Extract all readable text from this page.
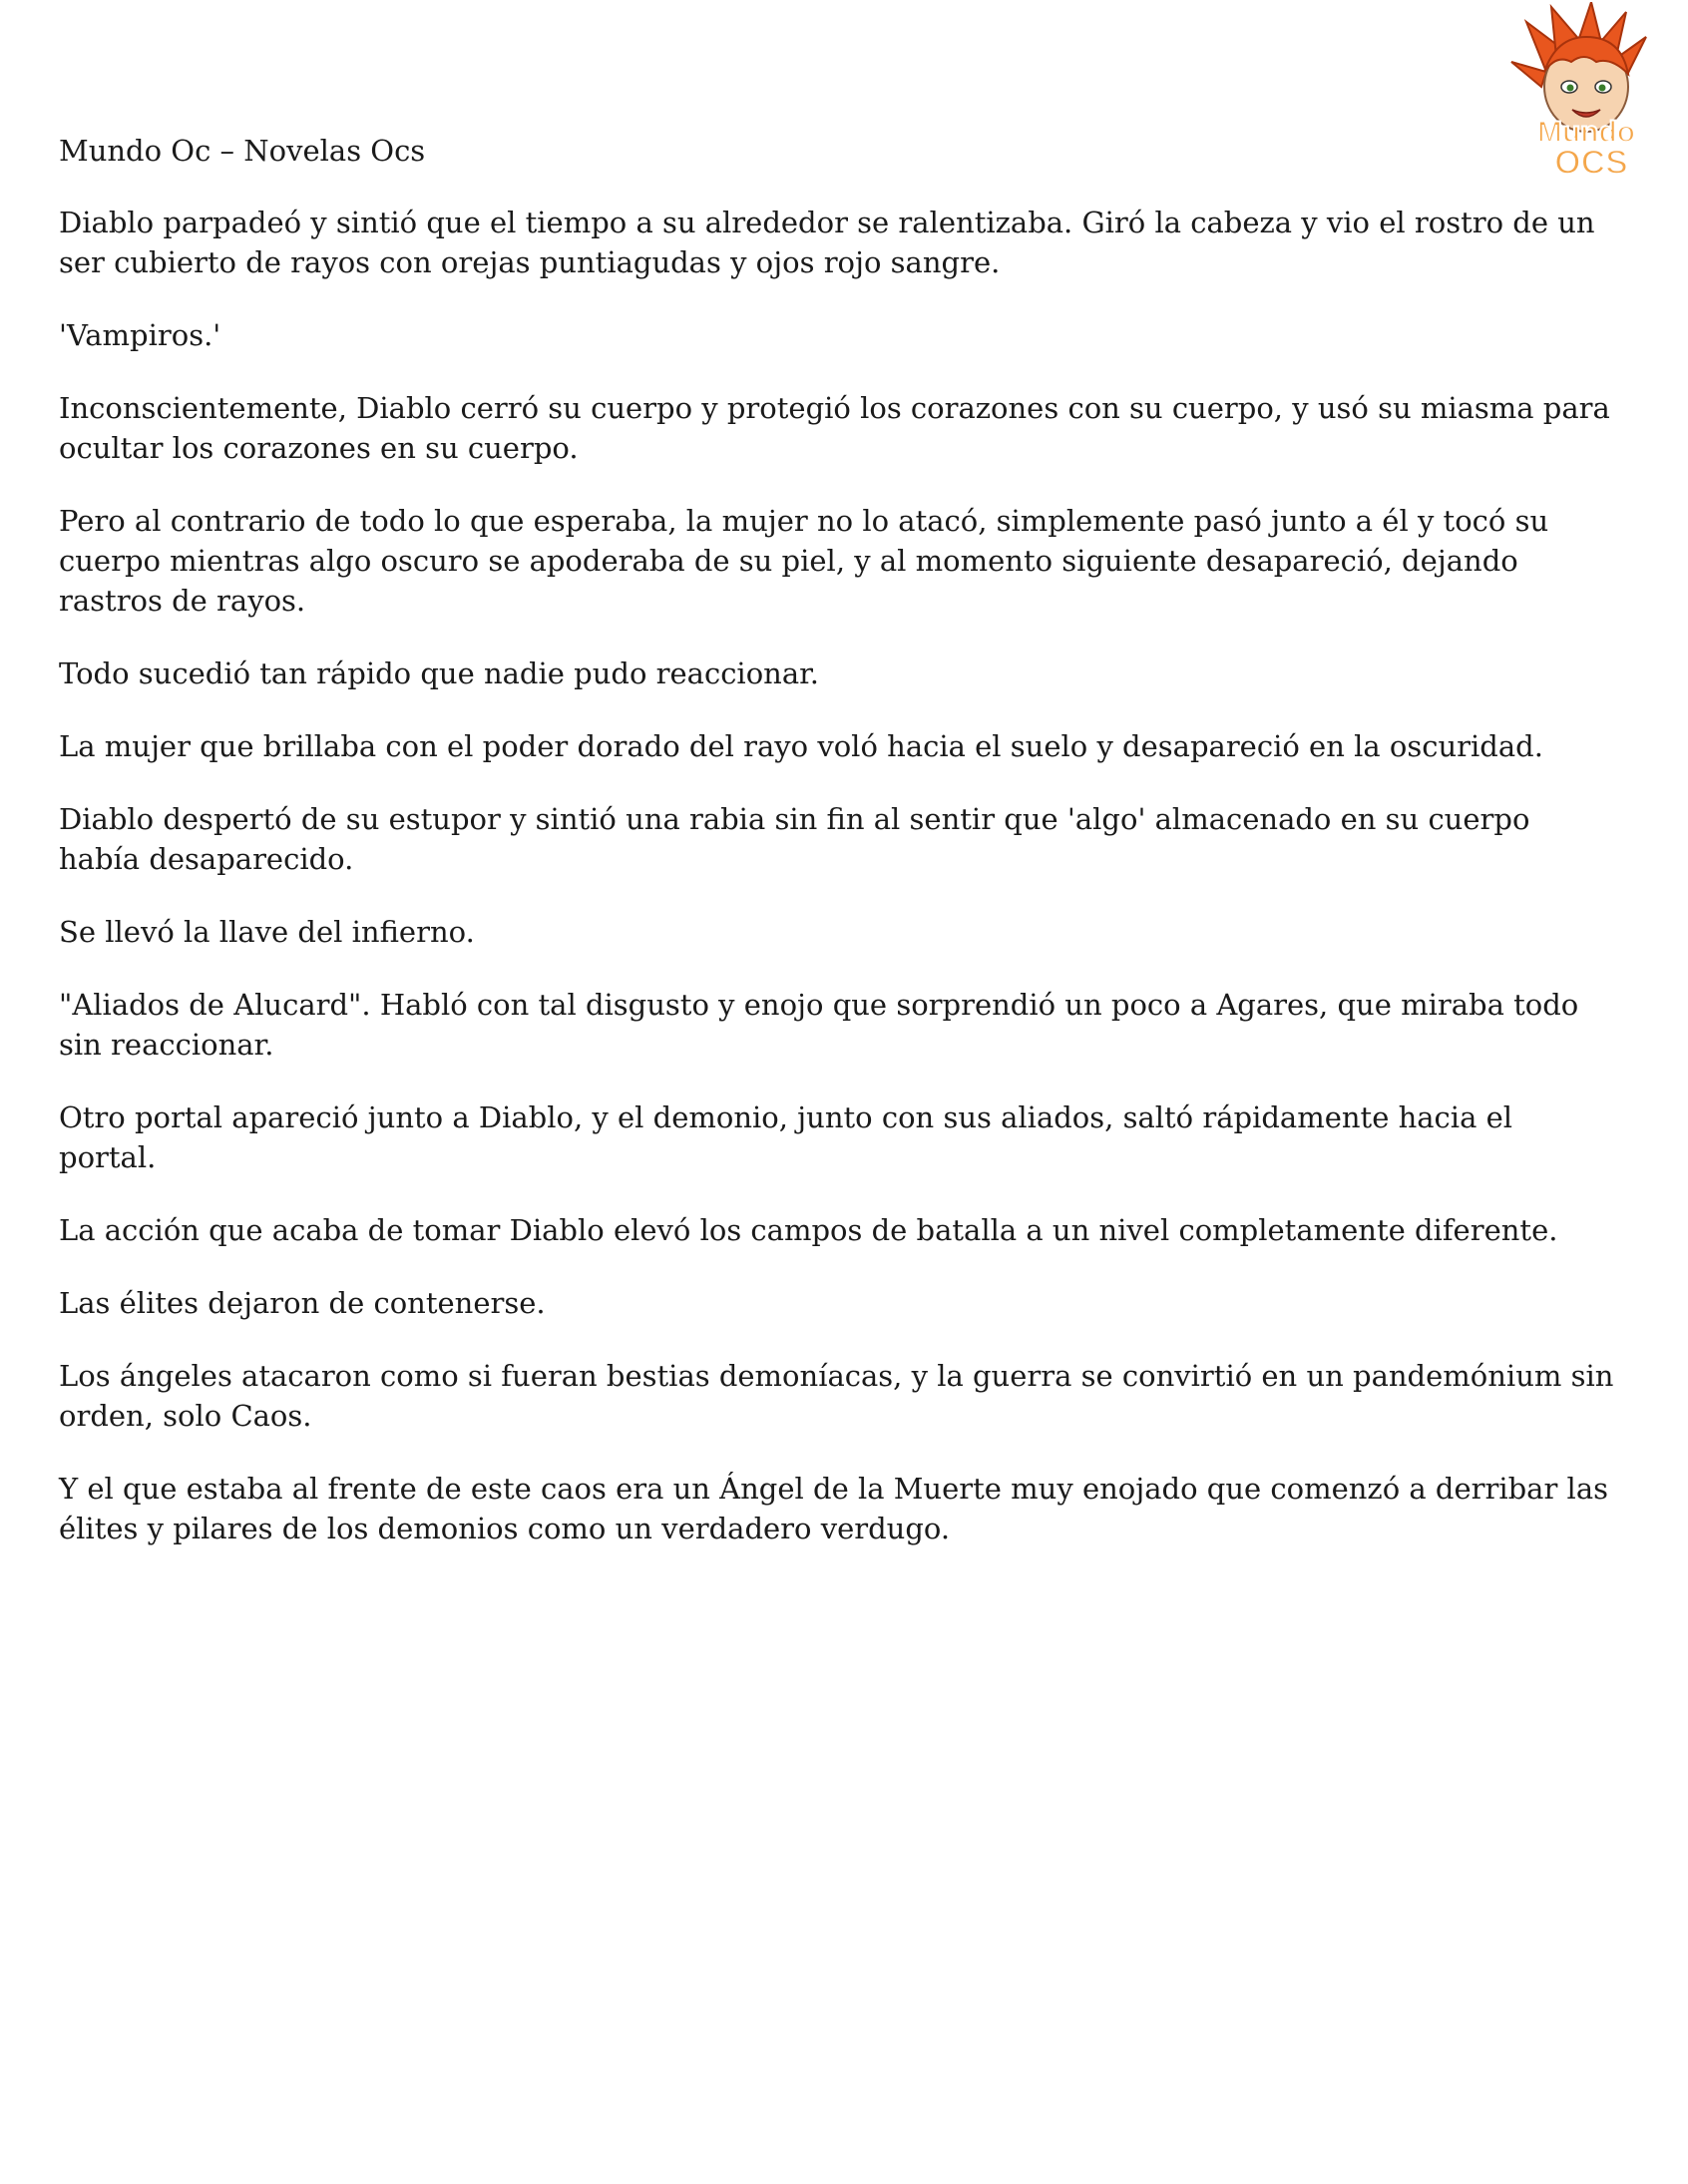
Mundo
OCS
Mundo Oc – Novelas Ocs

Diablo parpadeó y sintió que el tiempo a su alrededor se ralentizaba. Giró la cabeza y vio el rostro de un ser cubierto de rayos con orejas puntiagudas y ojos rojo sangre.

'Vampiros.'

Inconscientemente, Diablo cerró su cuerpo y protegió los corazones con su cuerpo, y usó su miasma para ocultar los corazones en su cuerpo.

Pero al contrario de todo lo que esperaba, la mujer no lo atacó, simplemente pasó junto a él y tocó su cuerpo mientras algo oscuro se apoderaba de su piel, y al momento siguiente desapareció, dejando rastros de rayos.

Todo sucedió tan rápido que nadie pudo reaccionar.

La mujer que brillaba con el poder dorado del rayo voló hacia el suelo y desapareció en la oscuridad.

Diablo despertó de su estupor y sintió una rabia sin fin al sentir que 'algo' almacenado en su cuerpo había desaparecido.

Se llevó la llave del infierno.

"Aliados de Alucard". Habló con tal disgusto y enojo que sorprendió un poco a Agares, que miraba todo sin reaccionar.

Otro portal apareció junto a Diablo, y el demonio, junto con sus aliados, saltó rápidamente hacia el portal.

La acción que acaba de tomar Diablo elevó los campos de batalla a un nivel completamente diferente.

Las élites dejaron de contenerse.

Los ángeles atacaron como si fueran bestias demoníacas, y la guerra se convirtió en un pandemónium sin orden, solo Caos.

Y el que estaba al frente de este caos era un Ángel de la Muerte muy enojado que comenzó a derribar las élites y pilares de los demonios como un verdadero verdugo.
